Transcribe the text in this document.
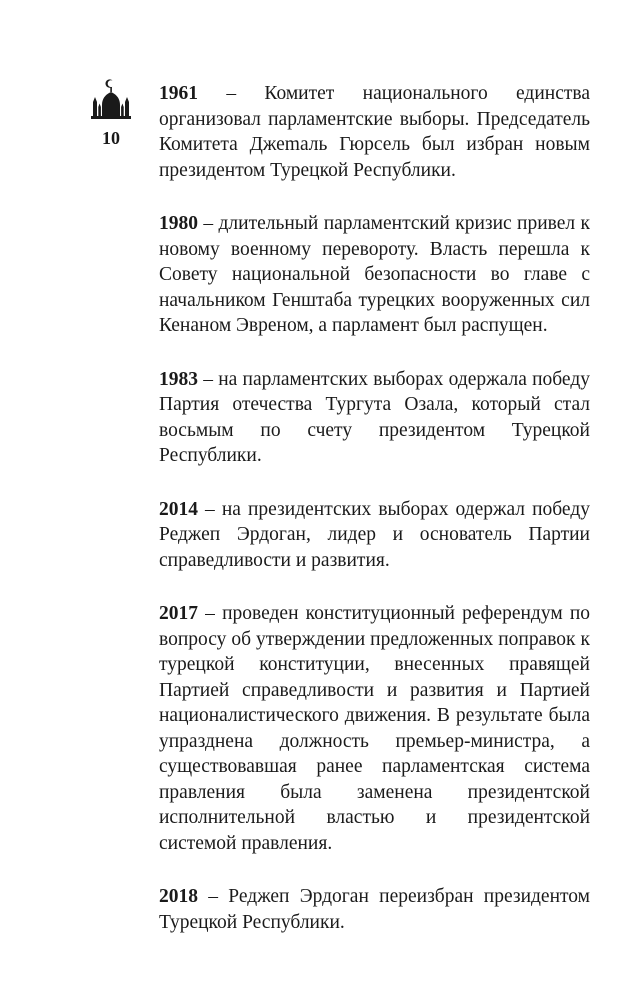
10

1961 – Комитет национального единства организовал парламентские выборы. Председатель Комитета Джеmаль Гюрсель был избран новым президентом Турецкой Республики.

1980 – длительный парламентский кризис привел к новому военному перевороту. Власть перешла к Совету национальной безопасности во главе с начальником Генштаба турецких вооруженных сил Кенаном Эвреном, а парламент был распущен.

1983 – на парламентских выборах одержала победу Партия отечества Тургута Озала, который стал восьмым по счету президентом Турецкой Республики.

2014 – на президентских выборах одержал победу Реджеп Эрдоган, лидер и основатель Партии справедливости и развития.

2017 – проведен конституционный референдум по вопросу об утверждении предложенных поправок к турецкой конституции, внесенных правящей Партией справедливости и развития и Партией националистического движения. В результате была упразднена должность премьер-министра, а существовавшая ранее парламентская система правления была заменена президентской исполнительной властью и президентской системой правления.

2018 – Реджеп Эрдоган переизбран президентом Турецкой Республики.
